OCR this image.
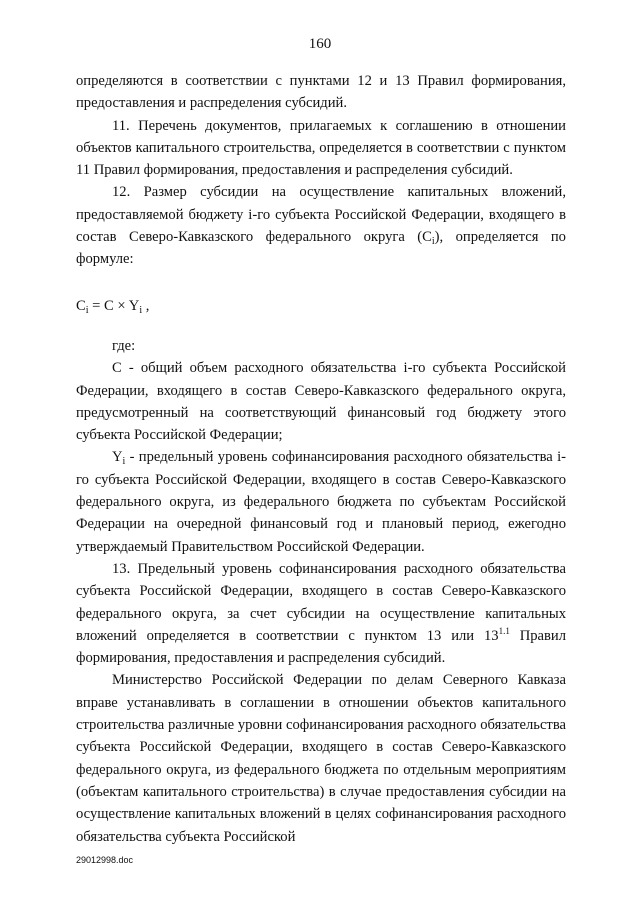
160

определяются в соответствии с пунктами 12 и 13 Правил формирования, предоставления и распределения субсидий.

11. Перечень документов, прилагаемых к соглашению в отношении объектов капитального строительства, определяется в соответствии с пунктом 11 Правил формирования, предоставления и распределения субсидий.

12. Размер субсидии на осуществление капитальных вложений, предоставляемой бюджету i-го субъекта Российской Федерации, входящего в состав Северо-Кавказского федерального округа $(C_i)$, определяется по формуле:

$C_i = C \times Y_i$ ,

где:

C - общий объем расходного обязательства i-го субъекта Российской Федерации, входящего в состав Северо-Кавказского федерального округа, предусмотренный на соответствующий финансовый год бюджету этого субъекта Российской Федерации;

$Y_i$ - предельный уровень софинансирования расходного обязательства i-го субъекта Российской Федерации, входящего в состав Северо-Кавказского федерального округа, из федерального бюджета по субъектам Российской Федерации на очередной финансовый год и плановый период, ежегодно утверждаемый Правительством Российской Федерации.

13. Предельный уровень софинансирования расходного обязательства субъекта Российской Федерации, входящего в состав Северо-Кавказского федерального округа, за счет субсидии на осуществление капитальных вложений определяется в соответствии с пунктом 13 или $13^{1.1}$ Правил формирования, предоставления и распределения субсидий.

Министерство Российской Федерации по делам Северного Кавказа вправе устанавливать в соглашении в отношении объектов капитального строительства различные уровни софинансирования расходного обязательства субъекта Российской Федерации, входящего в состав Северо-Кавказского федерального округа, из федерального бюджета по отдельным мероприятиям (объектам капитального строительства) в случае предоставления субсидии на осуществление капитальных вложений в целях софинансирования расходного обязательства субъекта Российской

29012998.doc
